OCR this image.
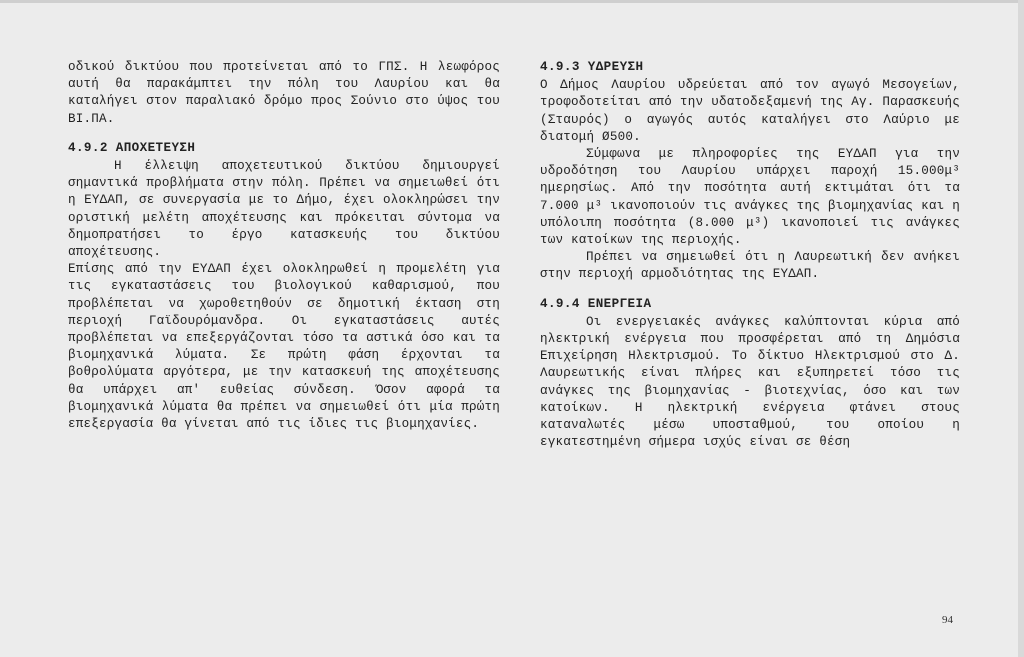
οδικού δικτύου που προτείνεται από το ΓΠΣ. Η λεωφόρος αυτή θα παρακάμπτει την πόλη του Λαυρίου και θα καταλήγει στον παραλιακό δρόμο προς Σούνιο στο ύψος του ΒΙ.ΠΑ.

4.9.2 ΑΠΟΧΕΤΕΥΣΗ

Η έλλειψη αποχετευτικού δικτύου δημιουργεί σημαντικά προβλήματα στην πόλη. Πρέπει να σημειωθεί ότι η ΕΥΔΑΠ, σε συνεργασία με το Δήμο, έχει ολοκληρώσει την οριστική μελέτη αποχέτευσης και πρόκειται σύντομα να δημοπρατήσει το έργο κατασκευής του δικτύου αποχέτευσης.

Επίσης από την ΕΥΔΑΠ έχει ολοκληρωθεί η προμελέτη για τις εγκαταστάσεις του βιολογικού καθαρισμού, που προβλέπεται να χωροθετηθούν σε δημοτική έκταση στη περιοχή Γαϊδουρόμανδρα. Οι εγκαταστάσεις αυτές προβλέπεται να επεξεργάζονται τόσο τα αστικά όσο και τα βιομηχανικά λύματα. Σε πρώτη φάση έρχονται τα βοθρολύματα αργότερα, με την κατασκευή της αποχέτευσης θα υπάρχει απ' ευθείας σύνδεση. Όσον αφορά τα βιομηχανικά λύματα θα πρέπει να σημειωθεί ότι μία πρώτη επεξεργασία θα γίνεται από τις ίδιες τις βιομηχανίες.

4.9.3 ΥΔΡΕΥΣΗ

Ο Δήμος Λαυρίου υδρεύεται από τον αγωγό Μεσογείων, τροφοδοτείται από την υδατοδεξαμενή της Αγ. Παρασκευής (Σταυρός) ο αγωγός αυτός καταλήγει στο Λαύριο με διατομή Ø500.

Σύμφωνα με πληροφορίες της ΕΥΔΑΠ για την υδροδότηση του Λαυρίου υπάρχει παροχή 15.000μ³ ημερησίως. Από την ποσότητα αυτή εκτιμάται ότι τα 7.000 μ³ ικανοποιούν τις ανάγκες της βιομηχανίας και η υπόλοιπη ποσότητα (8.000 μ³) ικανοποιεί τις ανάγκες των κατοίκων της περιοχής.

Πρέπει να σημειωθεί ότι η Λαυρεωτική δεν ανήκει στην περιοχή αρμοδιότητας της ΕΥΔΑΠ.

4.9.4 ΕΝΕΡΓΕΙΑ

Οι ενεργειακές ανάγκες καλύπτονται κύρια από ηλεκτρική ενέργεια που προσφέρεται από τη Δημόσια Επιχείρηση Ηλεκτρισμού. Το δίκτυο Ηλεκτρισμού στο Δ. Λαυρεωτικής είναι πλήρες και εξυπηρετεί τόσο τις ανάγκες της βιομηχανίας - βιοτεχνίας, όσο και των κατοίκων. Η ηλεκτρική ενέργεια φτάνει στους καταναλωτές μέσω υποσταθμού, του οποίου η εγκατεστημένη σήμερα ισχύς είναι σε θέση

94
